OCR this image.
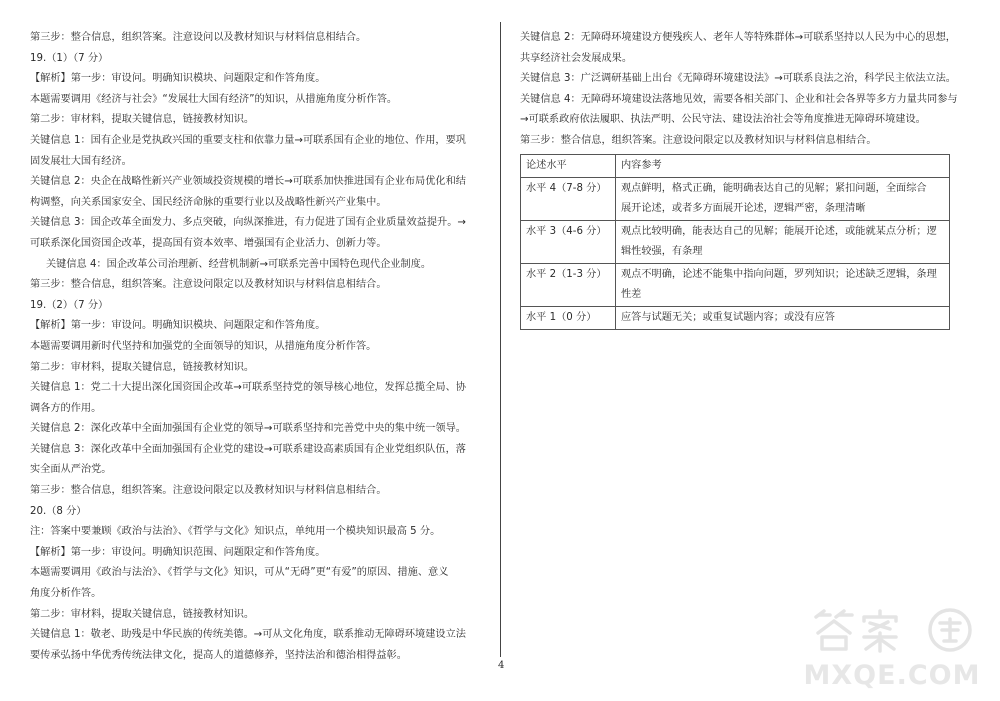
第三步：整合信息，组织答案。注意设问以及教材知识与材料信息相结合。

19.（1）（7 分）

【解析】第一步：审设问。明确知识模块、问题限定和作答角度。

本题需要调用《经济与社会》“发展壮大国有经济”的知识，从措施角度分析作答。

第二步：审材料，提取关键信息，链接教材知识。

关键信息 1：国有企业是党执政兴国的重要支柱和依靠力量→可联系国有企业的地位、作用，要巩

固发展壮大国有经济。

关键信息 2：央企在战略性新兴产业领域投资规模的增长→可联系加快推进国有企业布局优化和结

构调整，向关系国家安全、国民经济命脉的重要行业以及战略性新兴产业集中。

关键信息 3：国企改革全面发力、多点突破，向纵深推进，有力促进了国有企业质量效益提升。→

可联系深化国资国企改革，提高国有资本效率、增强国有企业活力、创新力等。

关键信息 4：国企改革公司治理新、经营机制新→可联系完善中国特色现代企业制度。

第三步：整合信息，组织答案。注意设问限定以及教材知识与材料信息相结合。

19.（2）（7 分）

【解析】第一步：审设问。明确知识模块、问题限定和作答角度。

本题需要调用新时代坚持和加强党的全面领导的知识，从措施角度分析作答。

第二步：审材料，提取关键信息，链接教材知识。

关键信息 1：党二十大提出深化国资国企改革→可联系坚持党的领导核心地位，发挥总揽全局、协

调各方的作用。

关键信息 2：深化改革中全面加强国有企业党的领导→可联系坚持和完善党中央的集中统一领导。

关键信息 3：深化改革中全面加强国有企业党的建设→可联系建设高素质国有企业党组织队伍，落

实全面从严治党。

第三步：整合信息，组织答案。注意设问限定以及教材知识与材料信息相结合。

20.（8 分）

注：答案中要兼顾《政治与法治》、《哲学与文化》知识点，单纯用一个模块知识最高 5 分。

【解析】第一步：审设问。明确知识范围、问题限定和作答角度。

本题需要调用《政治与法治》、《哲学与文化》知识，可从“无碍”更“有爱”的原因、措施、意义

角度分析作答。

第二步：审材料，提取关键信息，链接教材知识。

关键信息 1：敬老、助残是中华民族的传统美德。→可从文化角度，联系推动无障碍环境建设立法

要传承弘扬中华优秀传统法律文化，提高人的道德修养，坚持法治和德治相得益彰。

关键信息 2：无障碍环境建设方便残疾人、老年人等特殊群体→可联系坚持以人民为中心的思想，

共享经济社会发展成果。

关键信息 3：广泛调研基础上出台《无障碍环境建设法》→可联系良法之治，科学民主依法立法。

关键信息 4：无障碍环境建设法落地见效，需要各相关部门、企业和社会各界等多方力量共同参与

→可联系政府依法履职、执法严明、公民守法、建设法治社会等角度推进无障碍环境建设。

第三步：整合信息，组织答案。注意设问限定以及教材知识与材料信息相结合。

论述水平	内容参考
水平 4（7-8 分）	观点鲜明，格式正确，能明确表达自己的见解；紧扣问题，全面综合
展开论述，或者多方面展开论述，逻辑严密，条理清晰

水平 3（4-6 分）	观点比较明确，能表达自己的见解；能展开论述，或能就某点分析；逻
辑性较强，有条理

水平 2（1-3 分）	观点不明确，论述不能集中指向问题，罗列知识；论述缺乏逻辑，条理
性差

水平 1（0 分）	应答与试题无关；或重复试题内容；或没有应答
4	MXQE.COM
